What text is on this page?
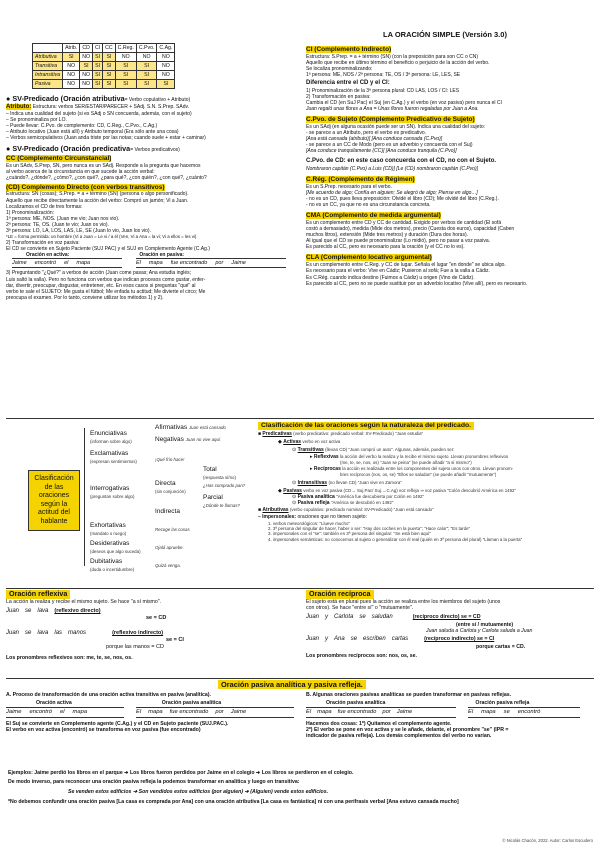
LA ORACIÓN SIMPLE (Versión 3.0)
	Atrib.	CD	CI	CC	C.Reg.	C.Pvo.	C.Ag.
Atributiva	SI	NO	SI	SI	NO	NO	NO
Transitiva	NO	SI	SI	SI	SI	SI	NO
Intransitiva	NO	NO	SI	SI	SI	SI	NO
Pasiva	NO	NO	SI	SI	SI	SI	SI
● SV-Predicado (Oración atributiva= Verbo copulativo + Atributo)
Atributo: Estructura: verbos SER/ESTAR/PARECER + SAdj. S.N. S.Prep. SAdv.
– Indica una cualidad del sujeto (si es SAdj o SN concuerda, además, con el sujeto)
– Se pronominaliza por LO.
– Puede llevar: C.Pvo. de complemento: CD, C.Reg., C.Pvo., C.Ag.)
– Atributo locativo (Juan está allí) y Atributo temporal (Era sólo ante una cosa)
– Verbos semicopulativos (Juan anda triste por las notas; cuando suele + estar + caminar)
● SV-Predicado (Oración predicativa= Verbos predicativos)
CC (Complemento Circunstancial)
Es un SAdv, S.Prep, SN, pero nunca es un SAdj. Responde a la pregunta que hacemos
al verbo acerca de la circunstancia en que sucede la acción verbal:
¿cuándo?, ¿dónde?, ¿cómo?, ¿con qué?, ¿para qué?, ¿con quién?, ¿con qué?, ¿cuánto?
(CD) Complemento Directo (con verbos transitivos)
Estructura: SN (cosas); S.Prep. = a + término (SN) (persona o algo personificado).
Aquello que recibe directamente la acción del verbo: Compró un jamón; Vi a Juan.
Localizamos el CD de tres formas:
1) Pronominalización:
1ª persona: ME, NOS. (Juan me vio; Juan nos vio).
2ª persona: TE, OS. (Juan te vio; Juan os vio).
3ª persona: LO, LA, LOS, LAS, LE, SE (Juan lo vio, Juan los vio).
*LE = forma permitida: un hombre (Vi a Juan = Le vi / a él (Ven, Vi a Ana = la vi; Vi a ellos = les vi)
2) Transformación en voz pasiva:
El CD se convierte en Sujeto Paciente (SUJ PAC) y el SUJ en Complemento Agente (C.Ag.)
Oración en activa:	Oración en pasiva:
Jaime encontró el mapa	El mapa fue encontrado por Jaime
3) Preguntando "¿Qué?" a verbos de acción (Juan come pasas; Ana estudia inglés;
Luis saltó la valla). Pero no funciona con verbos que indican procesos como gustar, enfer-
dar, divertir, preocupar, disgustar, entretener, etc. En esos casos si preguntas "qué" al
verbo te sale el SUJETO: Me gusta el fútbol; Me enfada tu actitud; Me divierte el circo; Me
preocupa el examen. Por lo tanto, conviene utilizar los métodos 1) y 2).
CI (Complemento Indirecto)
Estructura: S.Prep. = a + término (SN) (con la preposición para son CC o CN)
Aquello que recibe en último término el beneficio o perjuicio de la acción del verbo.
Se localiza pronominalizando:
1ª persona: ME, NOS / 2ª persona: TE, OS / 3ª persona: LE, LES, SE
Diferencia entre el CD y el CI:
1) Pronominalización de la 3ª persona plural: CD LAS, LOS / CI: LES
2) Transformación en pasiva:
Cambia el CD (en SuJ Pac) el Suj (en C.Ag.) y el verbo (en voz pasiva) pero nunca el CI
Juan regaló unas flores a Ana = Unas flores fueron regaladas por Juan a Ana.
C.Pvo. de Sujeto (Complemento Predicativo de Sujeto)
Es un SAdj (en alguna ocasión puede ser un SN). Indica una cualidad del sujeto:
- se parece a un Atributo, pero el verbo es predicativo.
[Ana está cansada (atributo)] [Ana conduce cansada (C.Pvo)]
- se parece a un CC de Modo (pero es un adverbio y concuerda con el Suj)
[Ana conduce tranquilamente (CC)] [Ana conduce tranquila (C.Pvo)]
C.Pvo. de CD: en este caso concuerda con el CD, no con el Sujeto.
Nombraron capitán (C.Pvo) a Luis (CD)] [Le (CD) nombraron capitán (C.Pvo)]
C.Rég. (Complemento de Régimen)
Es un S.Prep. necesario para el verbo.
[Me acuerdo de algo; Confía en alguien; Se alegró de algo; Piense en algo…]
- no es un CD, pues lleva preposición: Olvidé el libro (CD); Me olvidé del libro (C.Reg.).
- no es un CC, ya que no es una circunstancia concreta.
CMA (Complemento de medida argumental)
Es un complemento entre CD y CC de cantidad. Exigido por verbos de cantidad (El sofá
costó a demasiado), medida (Mide dos metros), precio (Cuesta dos euros), capacidad (Caben
muchos litros), extensión (Mide tres metros) y duración (Dura dos horas).
Al igual que el CD se puede pronominalizar (Lo midió), pero no pasar a voz pasiva.
Es parecido al CC, pero es necesario para la oración (y el CC no lo es).
CLA (Complemento locativo argumental)
Es un complemento entre C.Reg. y CC de lugar. Señala el lugar "en donde" se ubica algo.
Es necesario para el verbo: Vive en Cádiz; Pusieron al sofá; Fue a la valla a Cádiz.
Es C.Rég. cuando indica destino (Fuimos a Cádiz) u origen (Vino de Cádiz).
Es parecido al CC, pero no se puede sustituir por un adverbio locativo (Vive allí), pero es necesario.
Clasificación de las oraciones según la actitud del hablante
Enunciativas
(informan sobre algo)
Exclamativas
(expresan sentimientos)
Interrogativas
(preguntan sobre algo)
Exhortativas
(mandato o ruego)
Desiderativas
(deseos que algo suceda)
Dubitativas
(duda o incertidumbre)
Afirmativas Juan está cansado
Negativas Juan no vive aquí
¡Qué frío hace!
Directa
(sin conjunción)
Indirecta
Total
(respuesta sí/no)
¿Has comprado pan?
Parcial
¿Dónde te llamas?
Recoge las cosas
Ojalá apruebe.
Quizá venga.
Clasificación de las oraciones según la naturaleza del predicado.
■ Predicativas (verbo predicativo: predicado verbal: SV-Predicado) "Juan estudia"
◆ Activas verbo en voz activa
⊙ Transitivas (llevan CD) "Juan compró un auto". Algunas, además, pueden ser:
▸ Reflexivas la acción del verbo la realiza y la recibe el mismo sujeto. Llevan pronombres reflexivos
(me, te, se, nos, os) "Juan se peina" (se puede añadir "a sí mismo")
▸ Recíprocas la acción es realizada entre los componentes del sujeto unos con otros. Llevan pronom-
bres recíprocos (nos, os, se) "Ellos se saludan" (se puede añadir "mutuamente")
⊙ Intransitivas (no llevan CD) "Juan vive en Zamora"
◆ Pasivas verbo en voz pasiva (CD→ Suj.Pac/ Suj.→C.Ag) voz refleja ⇒ voz pasiva "Colón descubrió América en 1492"
⊙ Pasiva analítica "América fue descubierta por Colón en 1492"
⊙ Pasiva refleja "América se descubrió en 1492"
■ Atributivas (verbo copulativo: predicado nominal: SV-Predicado) "Juan está cansado"
– Impersonales: oraciones que no tienen sujeto:
1. verbos meteorológicos: "Llueve mucho"
2. 3ª persona del singular de hacer, haber o ser: "Hay dos coches en la puerta"; "Hace calor"; "Es tarde"
3. impersonales con el "se": también en 3ª persona del singular: "Se está bien aquí"
4. impersonales semánticas: no conocemos al sujeto o generalizar con él real (quién en 3ª persona del plural) "Llaman a la puerta"
Oración reflexiva
La acción la realiza y recibe el mismo sujeto. Se hace "a sí mismo".
Juan se lava (reflexivo directo)
se = CD
Juan se lava las manos	(reflexivo indirecto)
se = CI
porque las manos = CD
Los pronombres reflexivos son: me, te, se, nos, os.
Oración recíproca
El sujeto está en plural pues la acción se realiza entre los miembros del sujeto (unos
con otros). Se hace "entre sí" o "mutuamente".
Juan y Carlota se saludan	(recíproco directo) se = CD
(entre sí / mutuamente)
Juan saluda a Carlota y Carlota saluda a Juan
Juan y Ana se escriben cartas	(recíproco indirecto) se = CI
porque cartas = CD.
Los pronombres recíprocos son: nos, os, se.
Oración pasiva analítica y pasiva refleja.
A. Proceso de transformación de una oración activa transitiva en pasiva (analítica).
Oración activa	Oración pasiva analítica
Jaime encontró el mapa	El mapa fue encontrado por Jaime
El Suj se convierte en Complemento agente (C.Ag.) y el CD en Sujeto paciente (SUJ.PAC.).
El verbo en voz activa (encontró) se transforma en voz pasiva (fue encontrado)
B. Algunas oraciones pasivas analíticas se pueden transformar en pasivas reflejas.
Oración pasiva analítica	Oración pasiva refleja
El mapa fue encontrado por Jaime	El mapa se encontró
Hacemos dos cosas: 1º) Quitamos el complemento agente.
2º) El verbo se pone en voz activa y se le añade, delante, el pronombre "se" (IPR =
indicador de pasiva refleja). Los demás complementos del verbo no varían.
Ejemplos: Jaime perdió los libros en el parque ➔ Los libros fueron perdidos por Jaime en el colegio ➔ Los libros se perdieron en el colegio.
De modo inverso, para reconocer una oración pasiva refleja la podemos transformar en analítica y luego en transitiva:
Se venden estos edificios ➔ Son vendidos estos edificios (por alguien) ➔ (Alguien) vende estos edificios.
*No debemos confundir una oración pasiva [La casa es comprada por Ana] con una oración atributiva [La casa es fantástica] ni con una perífrasis verbal [Ana estuvo cansada mucho]
© Nicolás Chacón, 2022. Autor: Carlos Escudero
